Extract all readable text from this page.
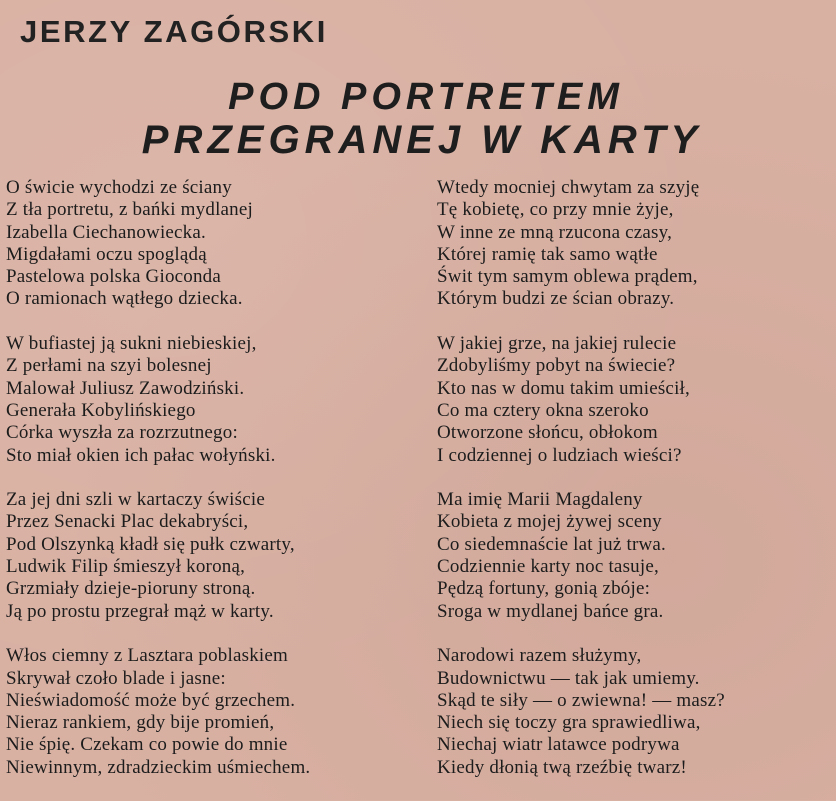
JERZY ZAGÓRSKI
POD PORTRETEM
PRZEGRANEJ W KARTY
O świcie wychodzi ze ściany
Z tła portretu, z bańki mydlanej
Izabella Ciechanowiecka.
Migdałami oczu spoglądą
Pastelowa polska Gioconda
O ramionach wątłego dziecka.
W bufiastej ją sukni niebieskiej,
Z perłami na szyi bolesnej
Malował Juliusz Zawodziński.
Generała Kobylińskiego
Córka wyszła za rozrzutnego:
Sto miał okien ich pałac wołyński.
Za jej dni szli w kartaczy świście
Przez Senacki Plac dekabryści,
Pod Olszynką kładł się pułk czwarty,
Ludwik Filip śmieszył koroną,
Grzmiały dzieje-pioruny stroną.
Ją po prostu przegrał mąż w karty.
Włos ciemny z Lasztara poblaskiem
Skrywał czoło blade i jasne:
Nieświadomość może być grzechem.
Nieraz rankiem, gdy bije promień,
Nie śpię. Czekam co powie do mnie
Niewinnym, zdradzieckim uśmiechem.
Wtedy mocniej chwytam za szyję
Tę kobietę, co przy mnie żyje,
W inne ze mną rzucona czasy,
Której ramię tak samo wątłe
Świt tym samym oblewa prądem,
Którym budzi ze ścian obrazy.
W jakiej grze, na jakiej rulecie
Zdobyliśmy pobyt na świecie?
Kto nas w domu takim umieścił,
Co ma cztery okna szeroko
Otworzone słońcu, obłokom
I codziennej o ludziach wieści?
Ma imię Marii Magdaleny
Kobieta z mojej żywej sceny
Co siedemnaście lat już trwa.
Codziennie karty noc tasuje,
Pędzą fortuny, gonią zbóje:
Sroga w mydlanej bańce gra.
Narodowi razem służymy,
Budownictwu — tak jak umiemy.
Skąd te siły — o zwiewna! — masz?
Niech się toczy gra sprawiedliwa,
Niechaj wiatr latawce podrywa
Kiedy dłonią twą rzeźbię twarz!
